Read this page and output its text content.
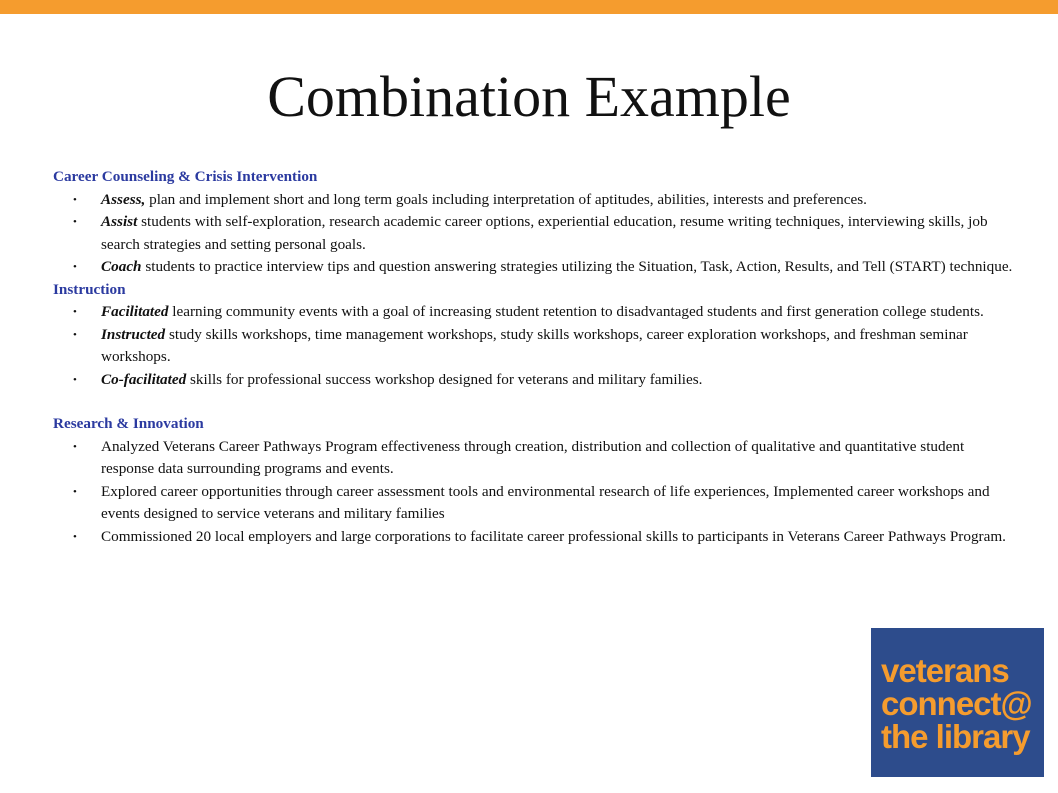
Combination Example

Career Counseling & Crisis Intervention

• Assess, plan and implement short and long term goals including interpretation of aptitudes, abilities, interests and preferences.
• Assist students with self-exploration, research academic career options, experiential education, resume writing techniques, interviewing skills, job search strategies and setting personal goals.
• Coach students to practice interview tips and question answering strategies utilizing the Situation, Task, Action, Results, and Tell (START) technique.

Instruction

• Facilitated learning community events with a goal of increasing student retention to disadvantaged students and first generation college students.
• Instructed study skills workshops, time management workshops, study skills workshops, career exploration workshops, and freshman seminar workshops.
• Co-facilitated skills for professional success workshop designed for veterans and military families.

Research & Innovation

• Analyzed Veterans Career Pathways Program effectiveness through creation, distribution and collection of qualitative and quantitative student response data surrounding programs and events.
• Explored career opportunities through career assessment tools and environmental research of life experiences, Implemented career workshops and events designed to service veterans and military families
• Commissioned 20 local employers and large corporations to facilitate career professional skills to participants in Veterans Career Pathways Program.
veterans
connect@
the library
